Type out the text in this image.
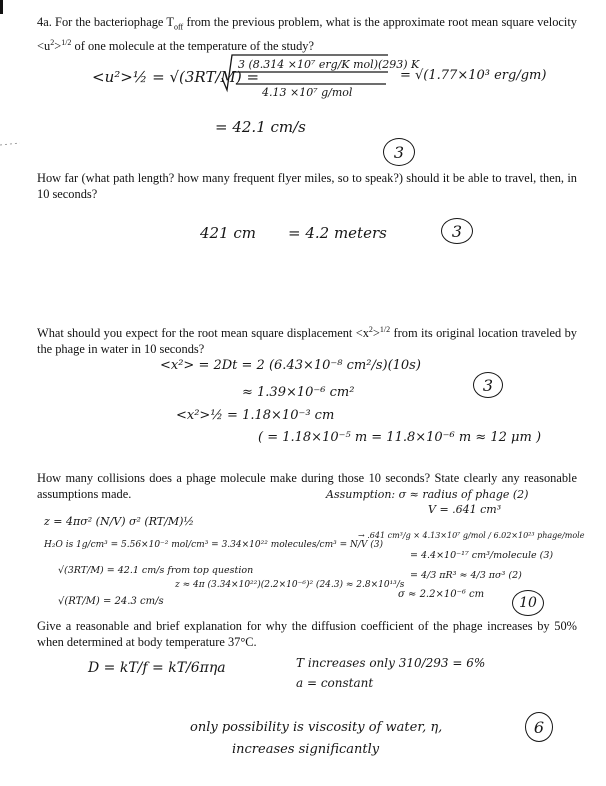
4a. For the bacteriophage $T_{off}$ from the previous problem, what is the approximate root mean square velocity $<u^2>^{1/2}$ of one molecule at the temperature of the study?
<u²>½ = √(3RT/M) =
3 (8.314 ×10⁷ erg/K mol)(293) K
4.13 ×10⁷ g/mol
= √(1.77×10³ erg/gm)
= 42.1 cm/s
3
How far (what path length? how many frequent flyer miles, so to speak?) should it be able to travel, then, in 10 seconds?
421 cm = 4.2 meters	3
What should you expect for the root mean square displacement $<x^2>^{1/2}$ from its original location traveled by the phage in water in 10 seconds?
<x²> = 2Dt = 2 (6.43×10⁻⁸ cm²/s)(10s)
≈ 1.39×10⁻⁶ cm²
<x²>½ = 1.18×10⁻³ cm
( = 1.18×10⁻⁵ m = 11.8×10⁻⁶ m ≈ 12 μm )
3
How many collisions does a phage molecule make during those 10 seconds? State clearly any reasonable assumptions made.	Assumption: σ ≈ radius of phage (2)
V = .641 cm³
z = 4πσ² (N/V) σ² (RT/M)½
H₂O is 1g/cm³ = 5.56×10⁻² mol/cm³ = 3.34×10²² molecules/cm³ = N/V (3)
√(3RT/M) = 42.1 cm/s from top question
√(RT/M) = 24.3 cm/s
z ≈ 4π (3.34×10²²)(2.2×10⁻⁶)² (24.3) ≈ 2.8×10¹³/s
→ .641 cm³/g × 4.13×10⁷ g/mol / 6.02×10²³ phage/mole
= 4.4×10⁻¹⁷ cm³/molecule (3)
= 4/3 πR³ ≈ 4/3 πσ³ (2)
σ ≈ 2.2×10⁻⁶ cm
10
Give a reasonable and brief explanation for why the diffusion coefficient of the phage increases by 50% when determined at body temperature 37°C.
D = kT/f = kT/6πηa	T increases only 310/293 = 6%
a = constant
only possibility is viscosity of water, η,
increases significantly
6
